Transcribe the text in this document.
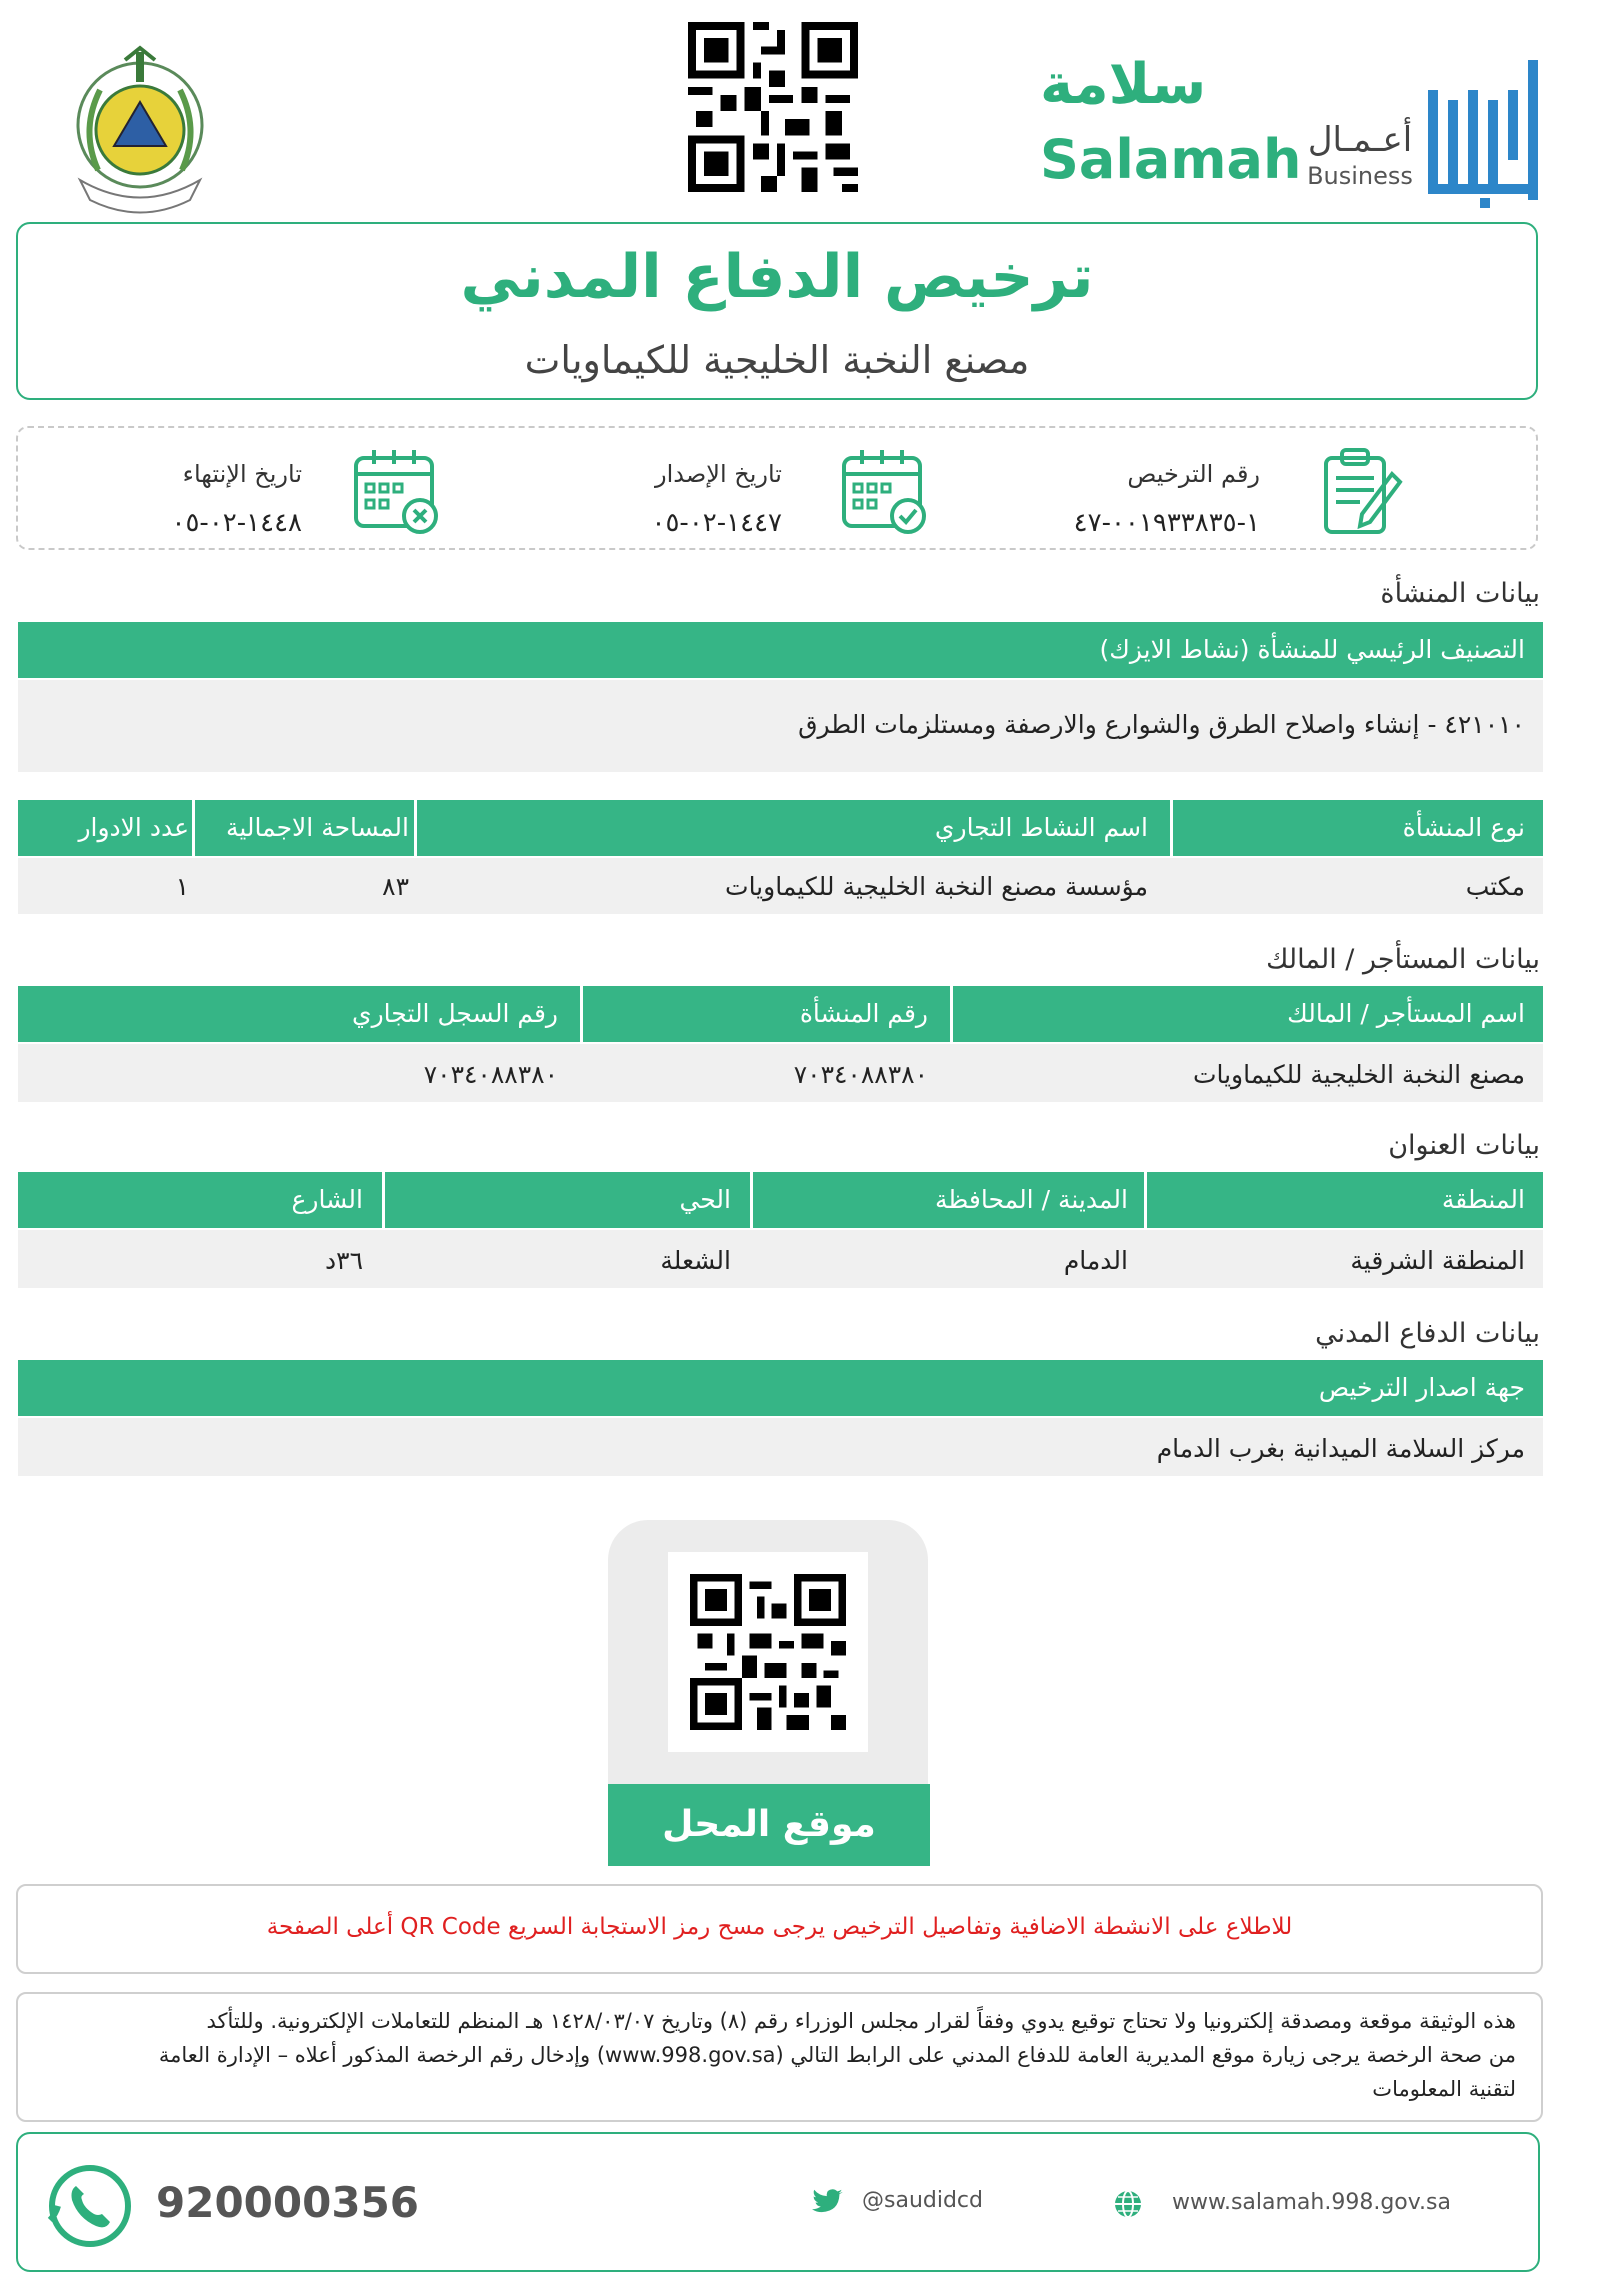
سلامة
Salamah أعـمـال
Business
ترخيص الدفاع المدني
مصنع النخبة الخليجية للكيماويات
رقم الترخيص
١-٠٠١٩٣٣٨٣٥-٤٧
تاريخ الإصدار
١٤٤٧-٠٢-٠٥
تاريخ الإنتهاء
١٤٤٨-٠٢-٠٥
بيانات المنشأة
التصنيف الرئيسي للمنشأة (نشاط الايزك)
٤٢١٠١٠ - إنشاء واصلاح الطرق والشوارع والارصفة ومستلزمات الطرق
نوع المنشأة
اسم النشاط التجاري
المساحة الاجمالية
عدد الادوار
مكتب
مؤسسة مصنع النخبة الخليجية للكيماويات
٨٣
١
بيانات المستأجر / المالك
اسم المستأجر / المالك
رقم المنشأة
رقم السجل التجاري
مصنع النخبة الخليجية للكيماويات
٧٠٣٤٠٨٨٣٨٠
٧٠٣٤٠٨٨٣٨٠
بيانات العنوان
المنطقة
المدينة / المحافظة
الحي
الشارع
المنطقة الشرقية
الدمام
الشعلة
٣٦د
بيانات الدفاع المدني
جهة اصدار الترخيص
مركز السلامة الميدانية بغرب الدمام
موقع المحل
للاطلاع على الانشطة الاضافية وتفاصيل الترخيص يرجى مسح رمز الاستجابة السريع QR Code أعلى الصفحة
هذه الوثيقة موقعة ومصدقة إلكترونيا ولا تحتاج توقيع يدوي وفقاً لقرار مجلس الوزراء رقم (٨) وتاريخ ١٤٢٨/٠٣/٠٧ هـ المنظم للتعاملات الإلكترونية. وللتأكد
من صحة الرخصة يرجى زيارة موقع المديرية العامة للدفاع المدني على الرابط التالي (www.998.gov.sa) وإدخال رقم الرخصة المذكور أعلاه – الإدارة العامة
لتقنية المعلومات
920000356	@saudidcd	www.salamah.998.gov.sa
